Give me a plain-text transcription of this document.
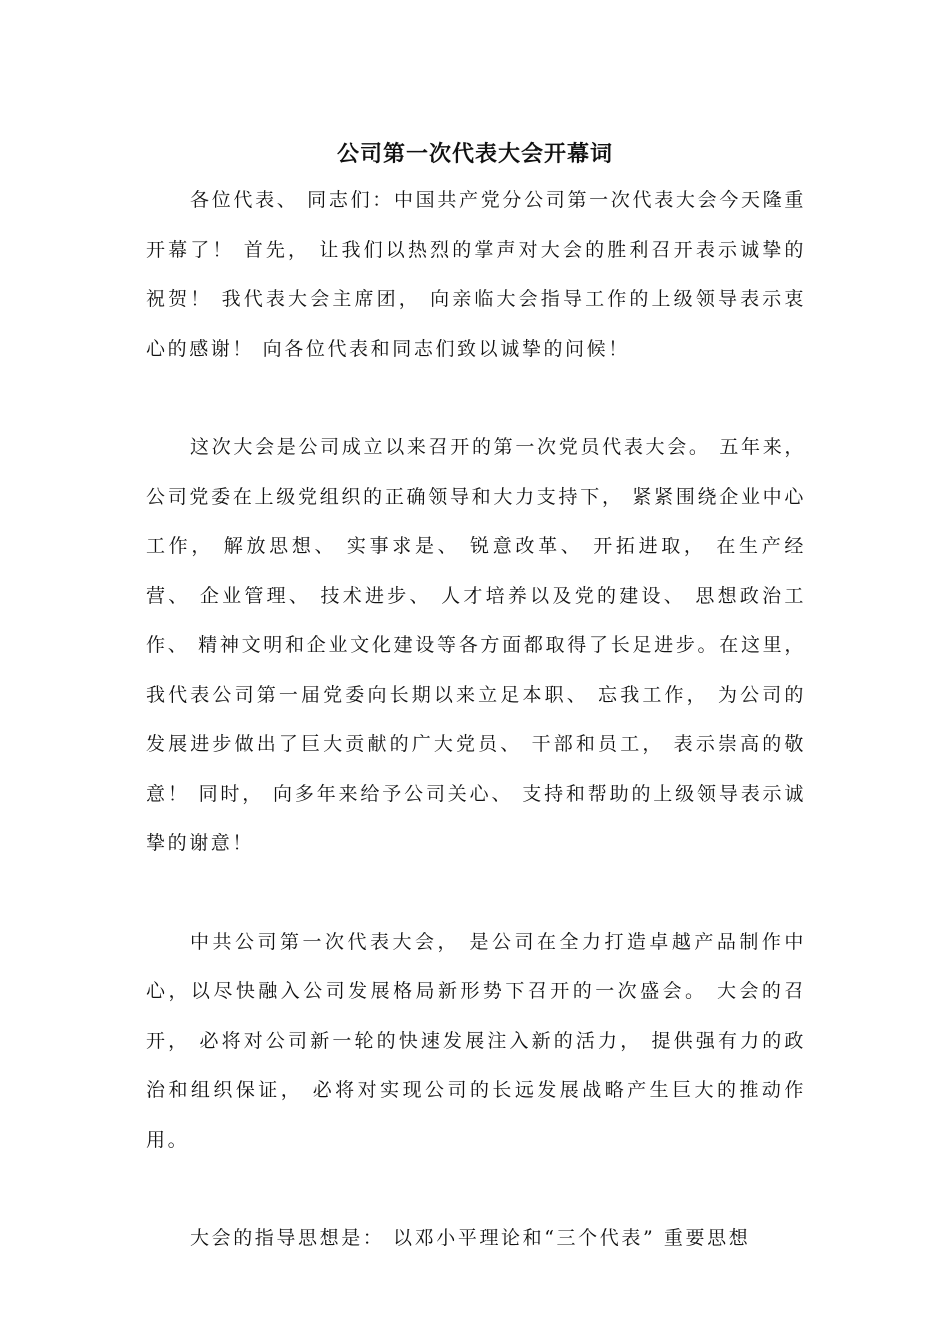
公司第一次代表大会开幕词

各位代表、 同志们：中国共产党分公司第一次代表大会今天隆重开幕了！ 首先， 让我们以热烈的掌声对大会的胜利召开表示诚挚的祝贺！ 我代表大会主席团， 向亲临大会指导工作的上级领导表示衷心的感谢！ 向各位代表和同志们致以诚挚的问候！

这次大会是公司成立以来召开的第一次党员代表大会。 五年来，公司党委在上级党组织的正确领导和大力支持下， 紧紧围绕企业中心工作， 解放思想、 实事求是、 锐意改革、 开拓进取， 在生产经营、 企业管理、 技术进步、 人才培养以及党的建设、 思想政治工作、 精神文明和企业文化建设等各方面都取得了长足进步。在这里， 我代表公司第一届党委向长期以来立足本职、 忘我工作， 为公司的发展进步做出了巨大贡献的广大党员、 干部和员工， 表示崇高的敬意！ 同时， 向多年来给予公司关心、 支持和帮助的上级领导表示诚挚的谢意！

中共公司第一次代表大会， 是公司在全力打造卓越产品制作中心，以尽快融入公司发展格局新形势下召开的一次盛会。 大会的召开， 必将对公司新一轮的快速发展注入新的活力， 提供强有力的政治和组织保证， 必将对实现公司的长远发展战略产生巨大的推动作用。

大会的指导思想是： 以邓小平理论和“三个代表” 重要思想
